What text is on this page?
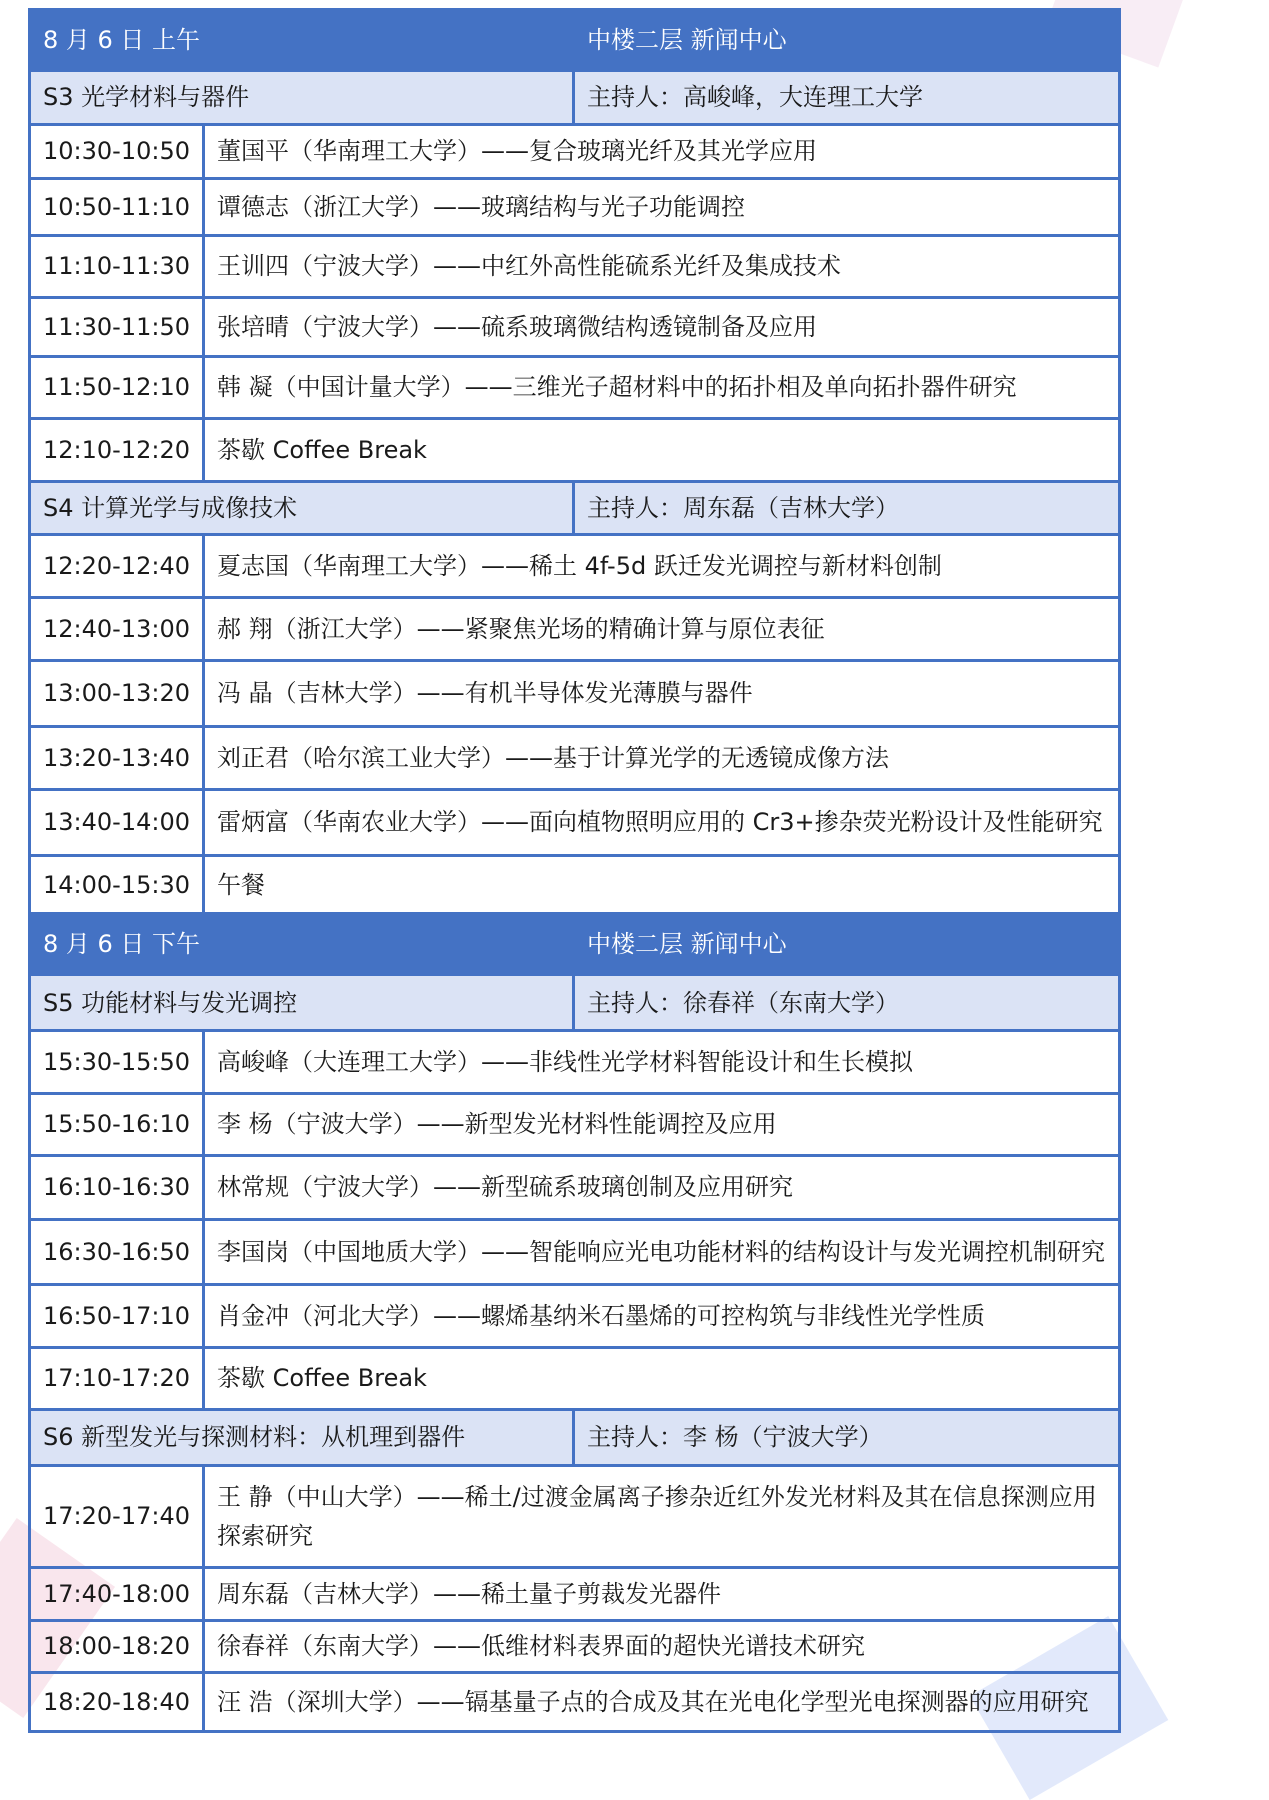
8 月 6 日 上午		中楼二层 新闻中心
S3 光学材料与器件		主持人：高峻峰，大连理工大学
10:30-10:50	董国平（华南理工大学）——复合玻璃光纤及其光学应用	
10:50-11:10	谭德志（浙江大学）——玻璃结构与光子功能调控	
11:10-11:30	王训四（宁波大学）——中红外高性能硫系光纤及集成技术	
11:30-11:50	张培晴（宁波大学）——硫系玻璃微结构透镜制备及应用	
11:50-12:10	韩 凝（中国计量大学）——三维光子超材料中的拓扑相及单向拓扑器件研究	
12:10-12:20	茶歇 Coffee Break	
S4 计算光学与成像技术		主持人：周东磊（吉林大学）
12:20-12:40	夏志国（华南理工大学）——稀土 4f-5d 跃迁发光调控与新材料创制	
12:40-13:00	郝 翔（浙江大学）——紧聚焦光场的精确计算与原位表征	
13:00-13:20	冯 晶（吉林大学）——有机半导体发光薄膜与器件	
13:20-13:40	刘正君（哈尔滨工业大学）——基于计算光学的无透镜成像方法	
13:40-14:00	雷炳富（华南农业大学）——面向植物照明应用的 Cr3+掺杂荧光粉设计及性能研究	
14:00-15:30	午餐	
8 月 6 日 下午		中楼二层 新闻中心
S5 功能材料与发光调控		主持人：徐春祥（东南大学）
15:30-15:50	高峻峰（大连理工大学）——非线性光学材料智能设计和生长模拟	
15:50-16:10	李 杨（宁波大学）——新型发光材料性能调控及应用	
16:10-16:30	林常规（宁波大学）——新型硫系玻璃创制及应用研究	
16:30-16:50	李国岗（中国地质大学）——智能响应光电功能材料的结构设计与发光调控机制研究	
16:50-17:10	肖金冲（河北大学）——螺烯基纳米石墨烯的可控构筑与非线性光学性质	
17:10-17:20	茶歇 Coffee Break	
S6 新型发光与探测材料：从机理到器件		主持人：李 杨（宁波大学）
17:20-17:40	王 静（中山大学）——稀土/过渡金属离子掺杂近红外发光材料及其在信息探测应用探索研究	
17:40-18:00	周东磊（吉林大学）——稀土量子剪裁发光器件	
18:00-18:20	徐春祥（东南大学）——低维材料表界面的超快光谱技术研究	
18:20-18:40	汪 浩（深圳大学）——镉基量子点的合成及其在光电化学型光电探测器的应用研究	
